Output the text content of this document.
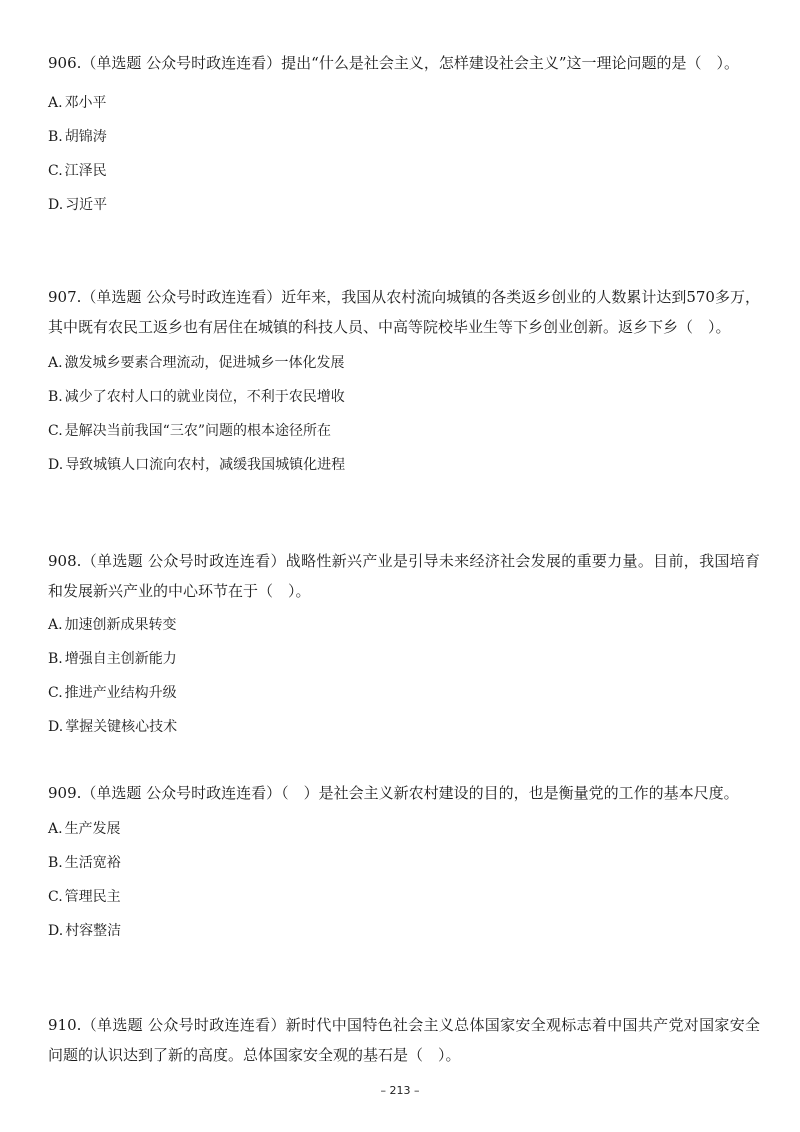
906.（单选题 公众号时政连连看）提出“什么是社会主义，怎样建设社会主义”这一理论问题的是（　）。

A. 邓小平
B. 胡锦涛
C. 江泽民
D. 习近平

907.（单选题 公众号时政连连看）近年来，我国从农村流向城镇的各类返乡创业的人数累计达到570多万，其中既有农民工返乡也有居住在城镇的科技人员、中高等院校毕业生等下乡创业创新。返乡下乡（　）。

A. 激发城乡要素合理流动，促进城乡一体化发展
B. 减少了农村人口的就业岗位，不利于农民增收
C. 是解决当前我国“三农”问题的根本途径所在
D. 导致城镇人口流向农村，减缓我国城镇化进程

908.（单选题 公众号时政连连看）战略性新兴产业是引导未来经济社会发展的重要力量。目前，我国培育和发展新兴产业的中心环节在于（　）。

A. 加速创新成果转变
B. 增强自主创新能力
C. 推进产业结构升级
D. 掌握关键核心技术

909.（单选题 公众号时政连连看）（　）是社会主义新农村建设的目的，也是衡量党的工作的基本尺度。

A. 生产发展
B. 生活宽裕
C. 管理民主
D. 村容整洁

910.（单选题 公众号时政连连看）新时代中国特色社会主义总体国家安全观标志着中国共产党对国家安全问题的认识达到了新的高度。总体国家安全观的基石是（　）。

– 213 –
